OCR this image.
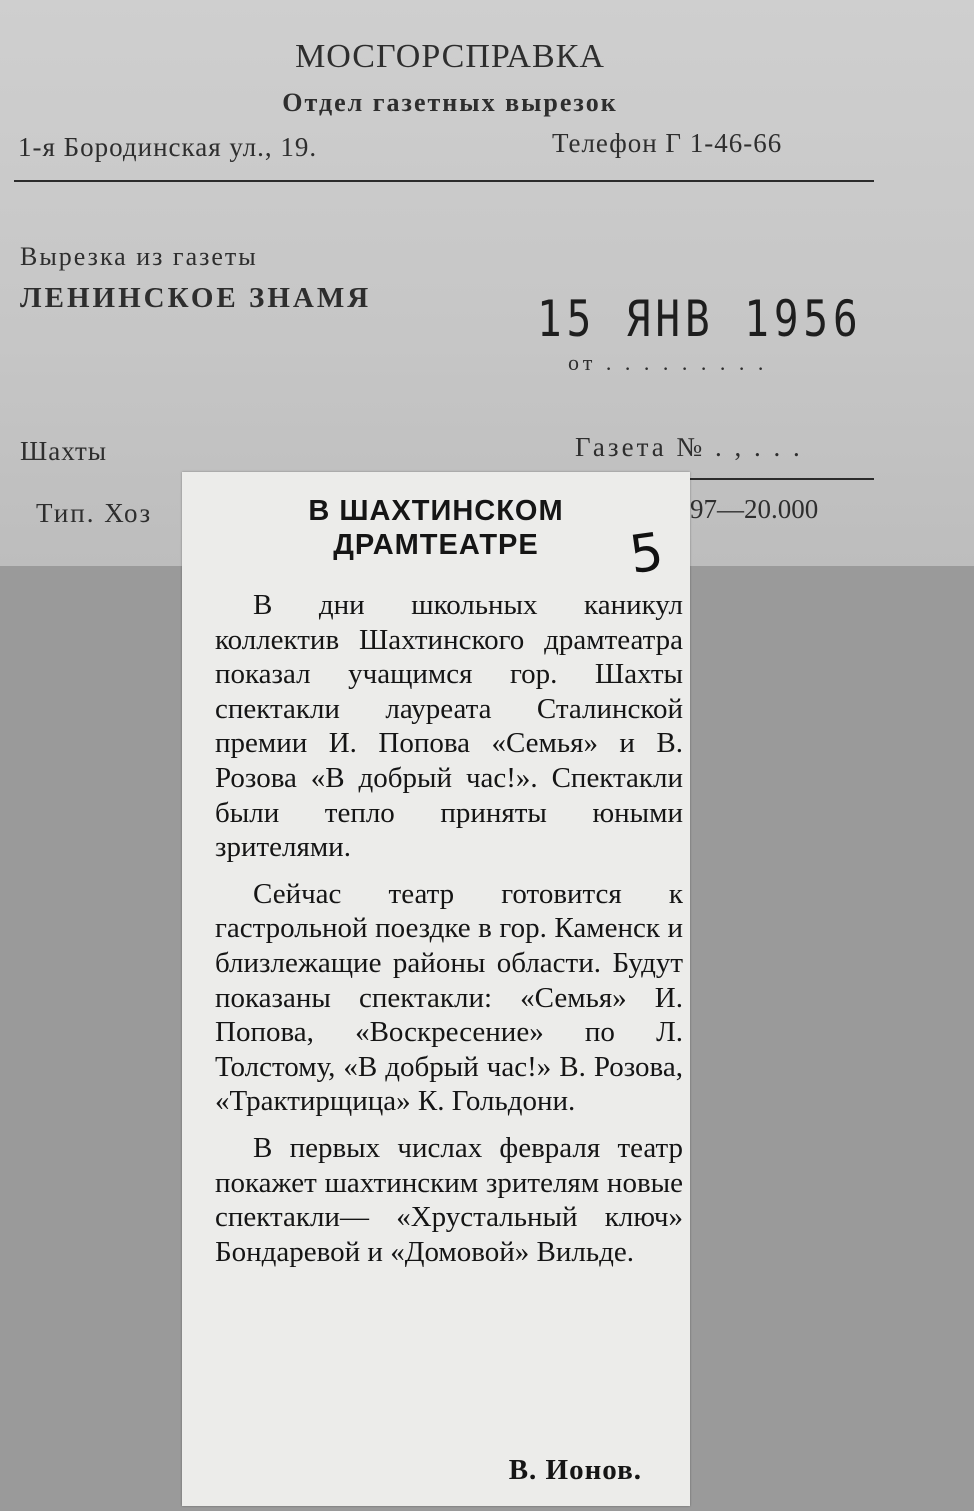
МОСГОРСПРАВКА
Отдел газетных вырезок
1-я Бородинская ул., 19.	Телефон Г 1-46-66
Вырезка из газеты
ЛЕНИНСКОЕ ЗНАМЯ	15 ЯНВ 1956
от . . . . . . . . .
Шахты	Газета № . , . . .
Тип. Хоз	97—20.000
В ШАХТИНСКОМ
ДРАМТЕАТРЕ	5

В дни школьных каникул коллектив Шахтинского драмтеатра показал учащимся гор. Шахты спектакли лауреата Сталинской премии И. Попова «Семья» и В. Розова «В добрый час!». Спектакли были тепло приняты юными зрителями.

Сейчас театр готовится к гастрольной поездке в гор. Каменск и близлежащие районы области. Будут показаны спектакли: «Семья» И. Попова, «Воскресение» по Л. Толстому, «В добрый час!» В. Розова, «Трактирщица» К. Гольдони.

В первых числах февраля театр покажет шахтинским зрителям новые спектакли— «Хрустальный ключ» Бондаревой и «Домовой» Вильде.

В. Ионов.
